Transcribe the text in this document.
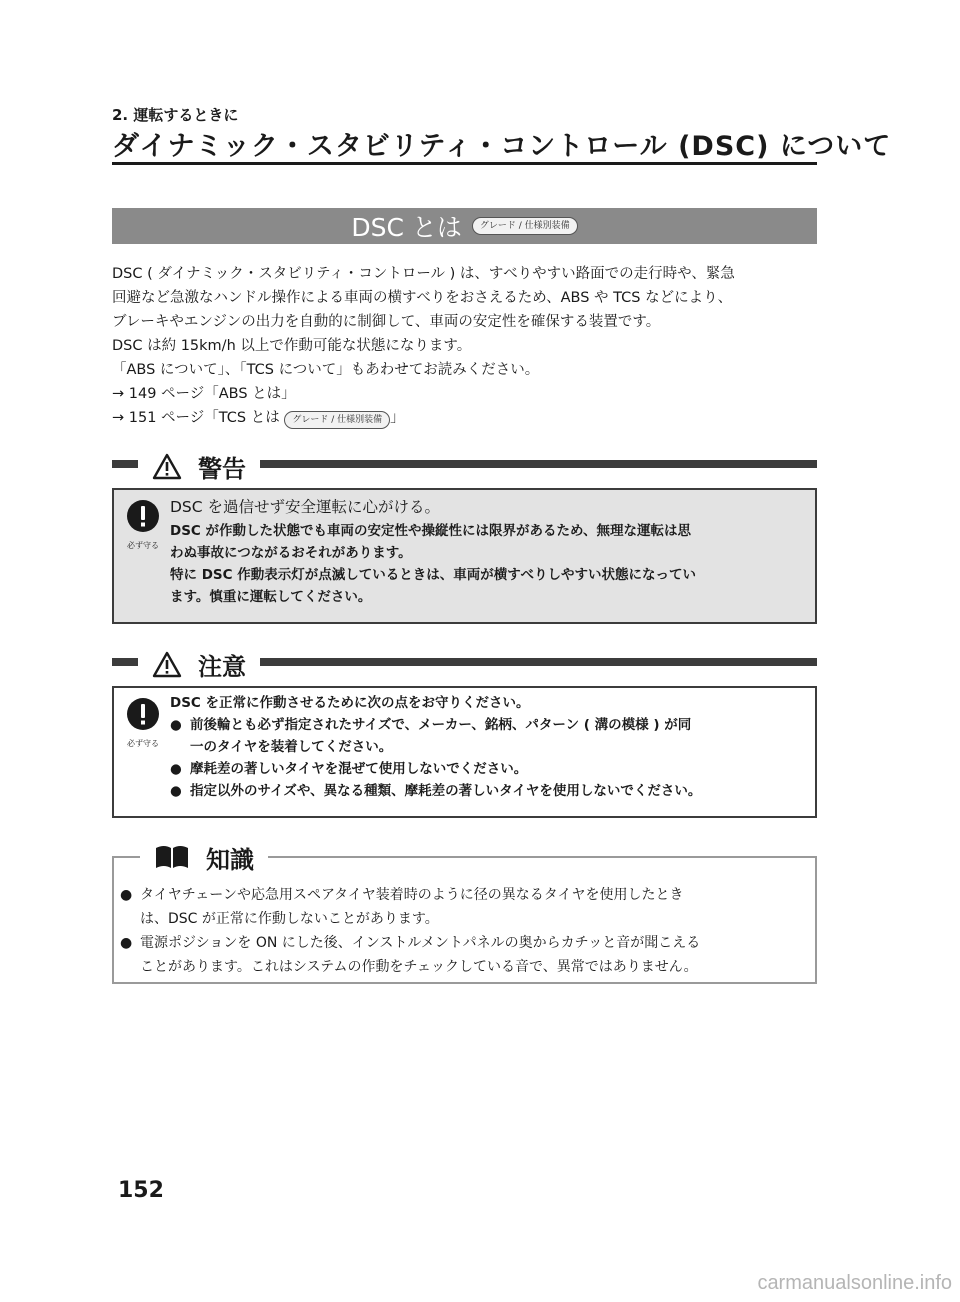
2. 運転するときに
ダイナミック・スタビリティ・コントロール (DSC) について
DSC とは	グレード / 仕様別装備

DSC ( ダイナミック・スタビリティ・コントロール ) は、すべりやすい路面での走行時や、緊急

回避など急激なハンドル操作による車両の横すべりをおさえるため、ABS や TCS などにより、

ブレーキやエンジンの出力を自動的に制御して、車両の安定性を確保する装置です。

DSC は約 15km/h 以上で作動可能な状態になります。

「ABS について」、「TCS について」もあわせてお読みください。

→ 149 ページ「ABS とは」

→ 151 ページ「TCS とは グレード / 仕様別装備 」

警告
必ず守る
DSC を過信せず安全運転に心がける。

DSC が作動した状態でも車両の安定性や操縦性には限界があるため、無理な運転は思

わぬ事故につながるおそれがあります。

特に DSC 作動表示灯が点滅しているときは、車両が横すべりしやすい状態になってい

ます。慎重に運転してください。

注意
必ず守る

DSC を正常に作動させるために次の点をお守りください。

● 前後輪とも必ず指定されたサイズで、メーカー、銘柄、パターン ( 溝の模様 ) が同

一のタイヤを装着してください。

● 摩耗差の著しいタイヤを混ぜて使用しないでください。

● 指定以外のサイズや、異なる種類、摩耗差の著しいタイヤを使用しないでください。

知識

● タイヤチェーンや応急用スペアタイヤ装着時のように径の異なるタイヤを使用したとき

は、DSC が正常に作動しないことがあります。

● 電源ポジションを ON にした後、インストルメントパネルの奥からカチッと音が聞こえる

ことがあります。これはシステムの作動をチェックしている音で、異常ではありません。

152
carmanualsonline.info
